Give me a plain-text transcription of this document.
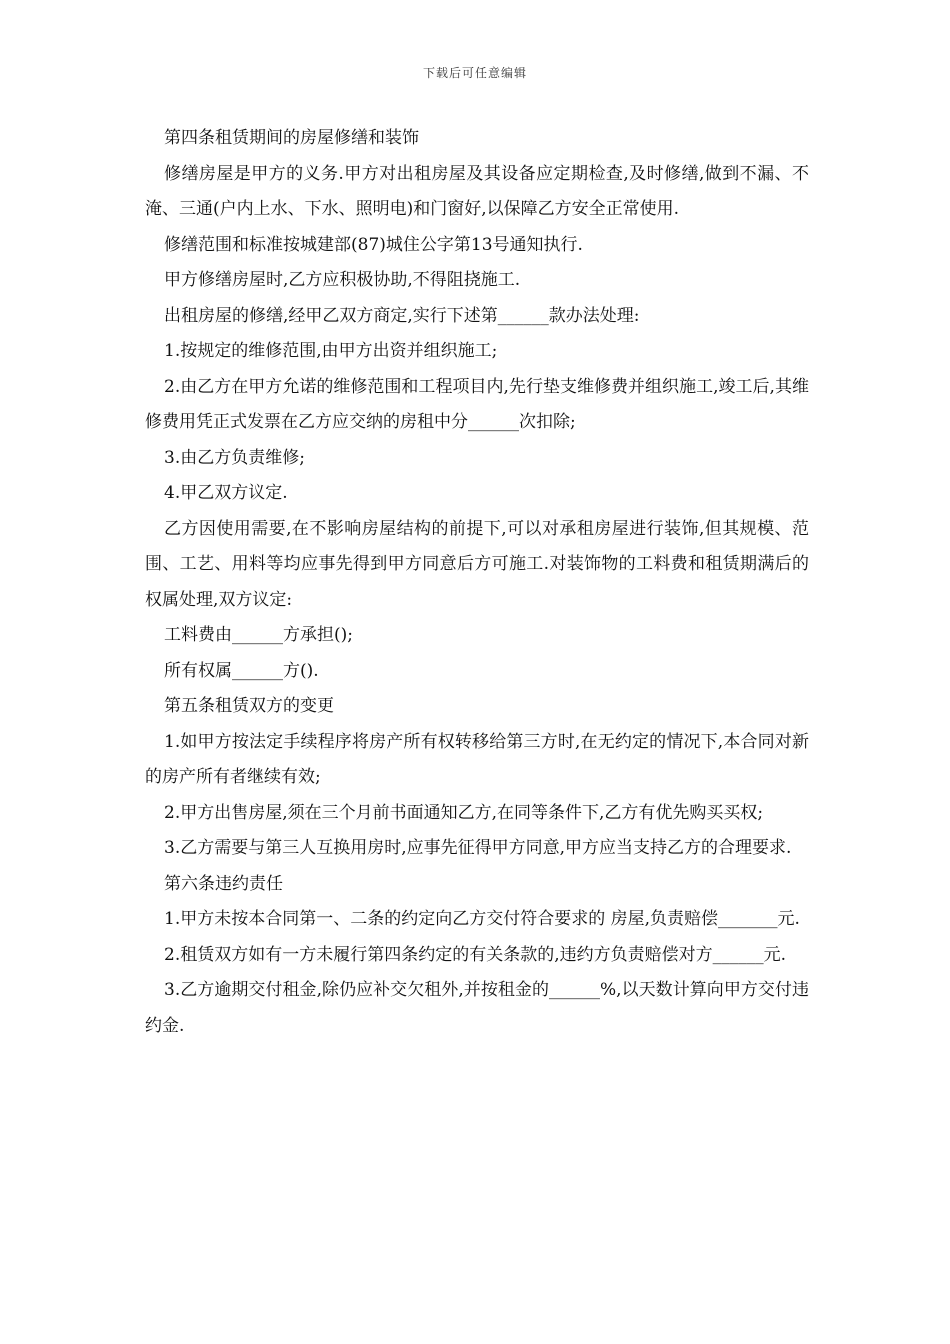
下载后可任意编辑

第四条租赁期间的房屋修缮和装饰

修缮房屋是甲方的义务.甲方对出租房屋及其设备应定期检查,及时修缮,做到不漏、不淹、三通(户内上水、下水、照明电)和门窗好,以保障乙方安全正常使用.

修缮范围和标准按城建部(87)城住公字第13号通知执行.

甲方修缮房屋时,乙方应积极协助,不得阻挠施工.

出租房屋的修缮,经甲乙双方商定,实行下述第______款办法处理:

1.按规定的维修范围,由甲方出资并组织施工;

2.由乙方在甲方允诺的维修范围和工程项目内,先行垫支维修费并组织施工,竣工后,其维修费用凭正式发票在乙方应交纳的房租中分______次扣除;

3.由乙方负责维修;

4.甲乙双方议定.

乙方因使用需要,在不影响房屋结构的前提下,可以对承租房屋进行装饰,但其规模、范围、工艺、用料等均应事先得到甲方同意后方可施工.对装饰物的工料费和租赁期满后的权属处理,双方议定:

工料费由______方承担();

所有权属______方().

第五条租赁双方的变更

1.如甲方按法定手续程序将房产所有权转移给第三方时,在无约定的情况下,本合同对新的房产所有者继续有效;

2.甲方出售房屋,须在三个月前书面通知乙方,在同等条件下,乙方有优先购买买权;

3.乙方需要与第三人互换用房时,应事先征得甲方同意,甲方应当支持乙方的合理要求.

第六条违约责任

1.甲方未按本合同第一、二条的约定向乙方交付符合要求的 房屋,负责赔偿_______元.

2.租赁双方如有一方未履行第四条约定的有关条款的,违约方负责赔偿对方______元.

3.乙方逾期交付租金,除仍应补交欠租外,并按租金的______%,以天数计算向甲方交付违约金.
